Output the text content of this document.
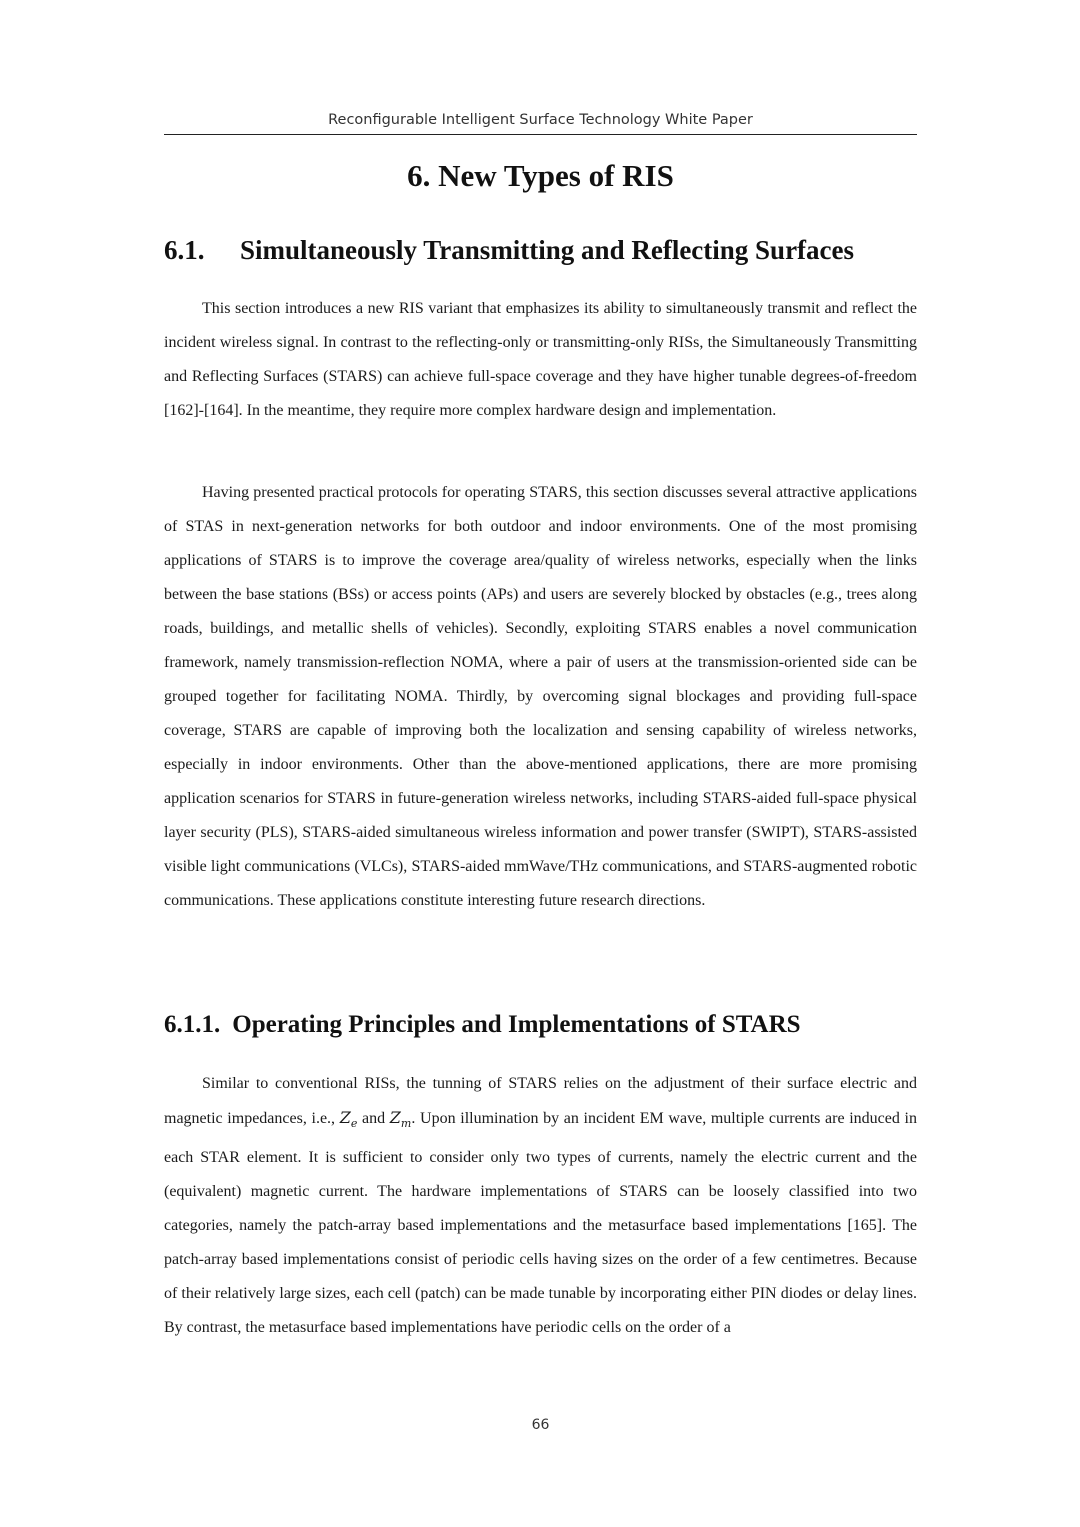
Reconfigurable Intelligent Surface Technology White Paper
6. New Types of RIS
6.1. Simultaneously Transmitting and Reflecting Surfaces

This section introduces a new RIS variant that emphasizes its ability to simultaneously transmit and reflect the incident wireless signal. In contrast to the reflecting-only or transmitting-only RISs, the Simultaneously Transmitting and Reflecting Surfaces (STARS) can achieve full-space coverage and they have higher tunable degrees-of-freedom [162]-[164]. In the meantime, they require more complex hardware design and implementation.

Having presented practical protocols for operating STARS, this section discusses several attractive applications of STAS in next-generation networks for both outdoor and indoor environments. One of the most promising applications of STARS is to improve the coverage area/quality of wireless networks, especially when the links between the base stations (BSs) or access points (APs) and users are severely blocked by obstacles (e.g., trees along roads, buildings, and metallic shells of vehicles). Secondly, exploiting STARS enables a novel communication framework, namely transmission-reflection NOMA, where a pair of users at the transmission-oriented side can be grouped together for facilitating NOMA. Thirdly, by overcoming signal blockages and providing full-space coverage, STARS are capable of improving both the localization and sensing capability of wireless networks, especially in indoor environments. Other than the above-mentioned applications, there are more promising application scenarios for STARS in future-generation wireless networks, including STARS-aided full-space physical layer security (PLS), STARS-aided simultaneous wireless information and power transfer (SWIPT), STARS-assisted visible light communications (VLCs), STARS-aided mmWave/THz communications, and STARS-augmented robotic communications. These applications constitute interesting future research directions.

6.1.1. Operating Principles and Implementations of STARS

Similar to conventional RISs, the tunning of STARS relies on the adjustment of their surface electric and magnetic impedances, i.e., $Z_e$ and $Z_m$. Upon illumination by an incident EM wave, multiple currents are induced in each STAR element. It is sufficient to consider only two types of currents, namely the electric current and the (equivalent) magnetic current. The hardware implementations of STARS can be loosely classified into two categories, namely the patch-array based implementations and the metasurface based implementations [165]. The patch-array based implementations consist of periodic cells having sizes on the order of a few centimetres. Because of their relatively large sizes, each cell (patch) can be made tunable by incorporating either PIN diodes or delay lines. By contrast, the metasurface based implementations have periodic cells on the order of a

66
